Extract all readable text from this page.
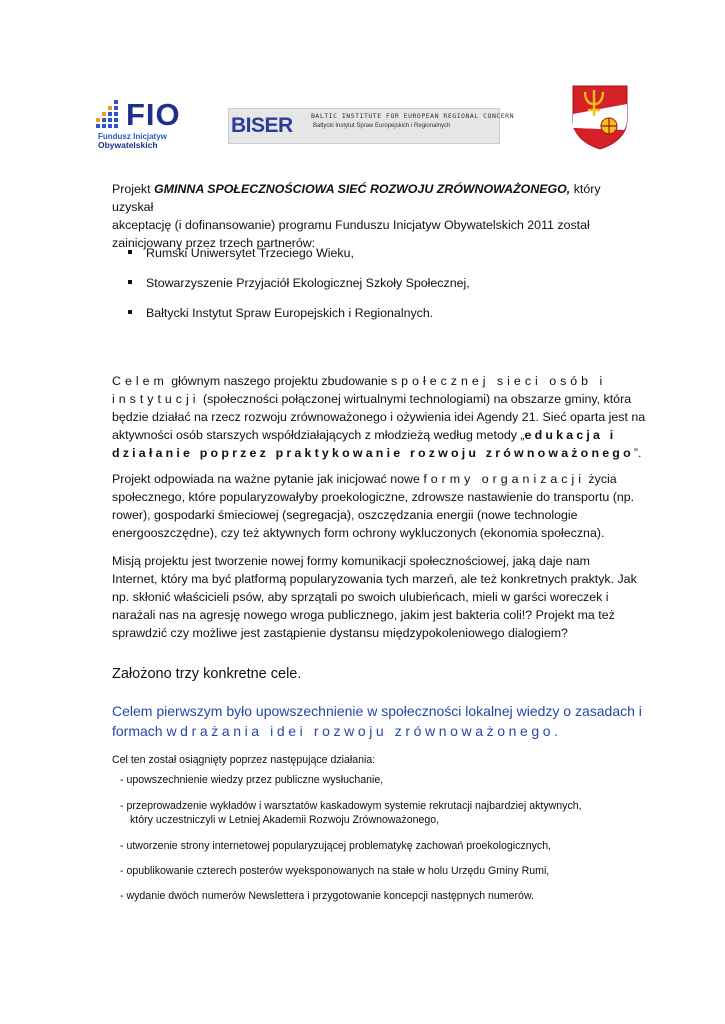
FIO
Fundusz Inicjatyw
Obywatelskich
BISER	BALTIC INSTITUTE FOR EUROPEAN REGIONAL CONCERN
Bałtycki Instytut Spraw Europejskich i Regionalnych
Projekt GMINNA SPOŁECZNOŚCIOWA SIEĆ ROZWOJU ZRÓWNOWAŻONEGO, który uzyskał
akceptację (i dofinansowanie) programu Funduszu Inicjatyw Obywatelskich 2011 został
zainicjowany przez trzech partnerów:
Rumski Uniwersytet Trzeciego Wieku,
Stowarzyszenie Przyjaciół Ekologicznej Szkoły Społecznej,
Bałtycki Instytut Spraw Europejskich i Regionalnych.
Celem głównym naszego projektu zbudowanie społecznej sieci osób i
instytucji (społeczności połączonej wirtualnymi technologiami) na obszarze gminy, która
będzie działać na rzecz rozwoju zrównoważonego i ożywienia idei Agendy 21. Sieć oparta jest na
aktywności osób starszych współdziałających z młodzieżą według metody „edukacja i
działanie poprzez praktykowanie rozwoju zrównoważonego”.
Projekt odpowiada na ważne pytanie jak inicjować nowe formy organizacji życia
społecznego, które popularyzowałyby proekologiczne, zdrowsze nastawienie do transportu (np.
rower), gospodarki śmieciowej (segregacja), oszczędzania energii (nowe technologie
energooszczędne), czy też aktywnych form ochrony wykluczonych (ekonomia społeczna).
Misją projektu jest tworzenie nowej formy komunikacji społecznościowej, jaką daje nam
Internet, który ma być platformą popularyzowania tych marzeń, ale też konkretnych praktyk. Jak
np. skłonić właścicieli psów, aby sprzątali po swoich ulubieńcach, mieli w garści woreczek i
narażali nas na agresję nowego wroga publicznego, jakim jest bakteria coli!? Projekt ma też
sprawdzić czy możliwe jest zastąpienie dystansu międzypokoleniowego dialogiem?
Założono trzy konkretne cele.
Celem pierwszym było upowszechnienie w społeczności lokalnej wiedzy o zasadach i
formach wdrażania idei rozwoju zrównoważonego.
Cel ten został osiągnięty poprzez następujące działania:
- upowszechnienie wiedzy przez publiczne wysłuchanie,
- przeprowadzenie wykładów i warsztatów kaskadowym systemie rekrutacji najbardziej aktywnych,
który uczestniczyli w Letniej Akademii Rozwoju Zrównoważonego,
- utworzenie strony internetowej popularyzującej problematykę zachowań proekologicznych,
- opublikowanie czterech posterów wyeksponowanych na stałe w holu Urzędu Gminy Rumi,
- wydanie dwóch numerów Newslettera i przygotowanie koncepcji następnych numerów.
